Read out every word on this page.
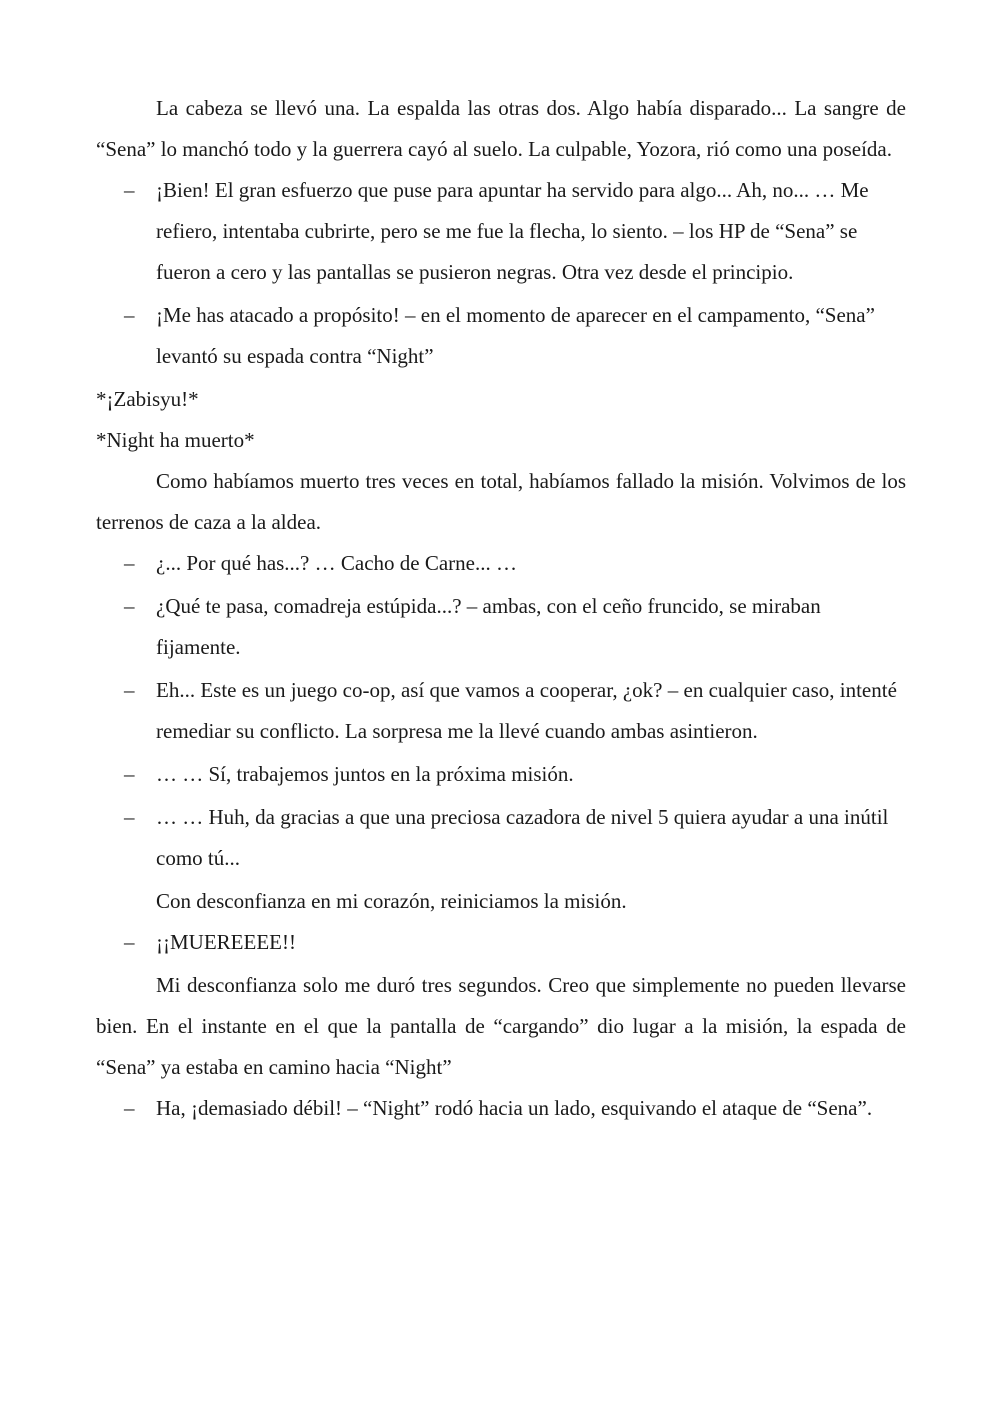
La cabeza se llevó una. La espalda las otras dos. Algo había disparado... La sangre de “Sena” lo manchó todo y la guerrera cayó al suelo. La culpable, Yozora, rió como una poseída.

– ¡Bien! El gran esfuerzo que puse para apuntar ha servido para algo... Ah, no... … Me refiero, intentaba cubrirte, pero se me fue la flecha, lo siento. – los HP de “Sena” se fueron a cero y las pantallas se pusieron negras. Otra vez desde el principio.

– ¡Me has atacado a propósito! – en el momento de aparecer en el campamento, “Sena” levantó su espada contra “Night”

*¡Zabisyu!*

*Night ha muerto*

Como habíamos muerto tres veces en total, habíamos fallado la misión. Volvimos de los terrenos de caza a la aldea.

– ¿... Por qué has...? … Cacho de Carne... …

– ¿Qué te pasa, comadreja estúpida...? – ambas, con el ceño fruncido, se miraban fijamente.

– Eh... Este es un juego co-op, así que vamos a cooperar, ¿ok? – en cualquier caso, intenté remediar su conflicto. La sorpresa me la llevé cuando ambas asintieron.

– … … Sí, trabajemos juntos en la próxima misión.

– … … Huh, da gracias a que una preciosa cazadora de nivel 5 quiera ayudar a una inútil como tú...

Con desconfianza en mi corazón, reiniciamos la misión.

– ¡¡MUEREEEE!!

Mi desconfianza solo me duró tres segundos. Creo que simplemente no pueden llevarse bien. En el instante en el que la pantalla de “cargando” dio lugar a la misión, la espada de “Sena” ya estaba en camino hacia “Night”

– Ha, ¡demasiado débil! – “Night” rodó hacia un lado, esquivando el ataque de “Sena”.
